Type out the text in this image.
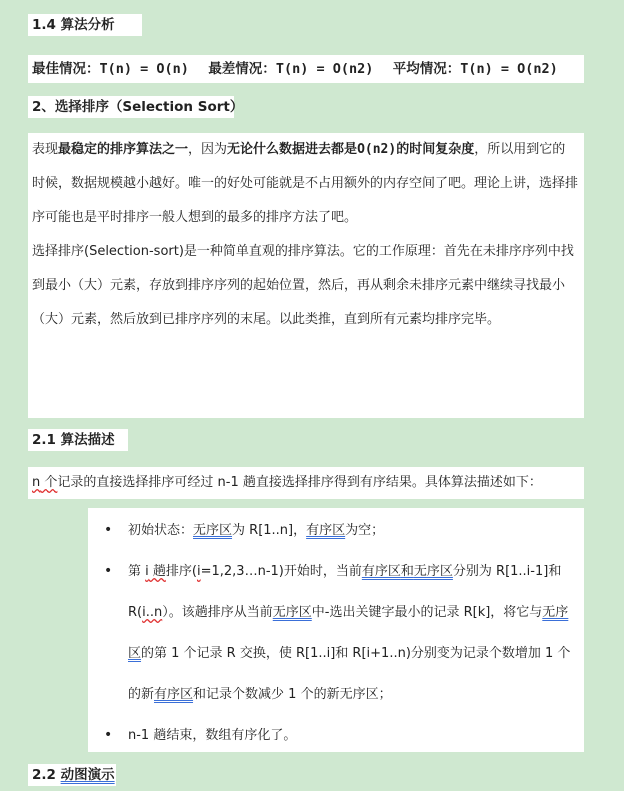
1.4 算法分析
最佳情况：T(n) = O(n) 最差情况：T(n) = O(n2) 平均情况：T(n) = O(n2)
2、选择排序（Selection Sort）
表现最稳定的排序算法之一，因为无论什么数据进去都是O(n2)的时间复杂度，所以用到它的时候，数据规模越小越好。唯一的好处可能就是不占用额外的内存空间了吧。理论上讲，选择排序可能也是平时排序一般人想到的最多的排序方法了吧。
选择排序(Selection-sort)是一种简单直观的排序算法。它的工作原理：首先在未排序序列中找到最小（大）元素，存放到排序序列的起始位置，然后，再从剩余未排序元素中继续寻找最小（大）元素，然后放到已排序序列的末尾。以此类推，直到所有元素均排序完毕。
2.1 算法描述
n 个记录的直接选择排序可经过 n-1 趟直接选择排序得到有序结果。具体算法描述如下：
• 初始状态：无序区为 R[1..n]，有序区为空；
• 第 i 趟排序(i=1,2,3…n-1)开始时，当前有序区和无序区分别为 R[1..i-1]和 R(i..n）。该趟排序从当前无序区中-选出关键字最小的记录 R[k]，将它与无序区的第 1 个记录 R 交换，使 R[1..i]和 R[i+1..n)分别变为记录个数增加 1 个的新有序区和记录个数减少 1 个的新无序区；
• n-1 趟结束，数组有序化了。
2.2 动图演示
